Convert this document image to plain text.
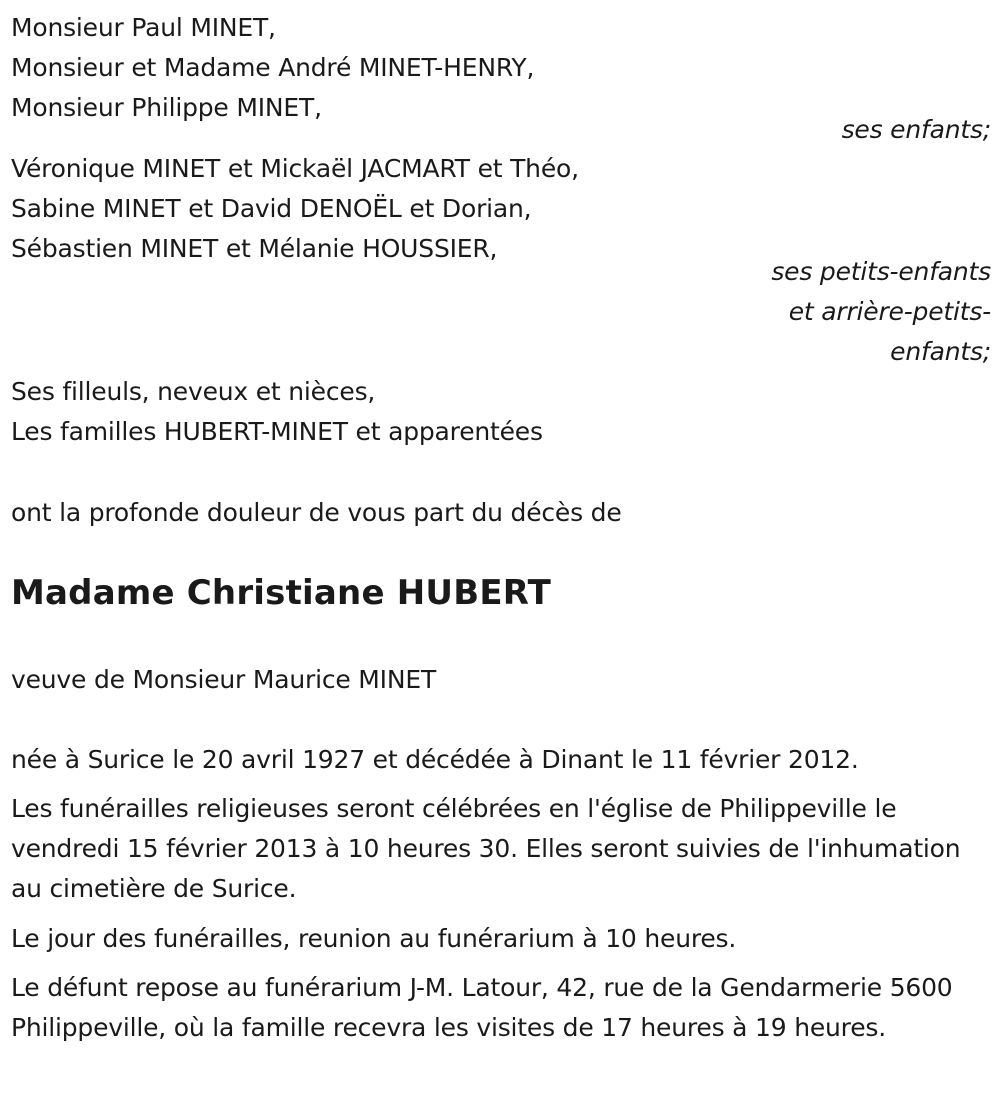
Monsieur Paul MINET,
Monsieur et Madame André MINET-HENRY,
Monsieur Philippe MINET,
ses enfants;
Véronique MINET et Mickaël JACMART et Théo,
Sabine MINET et David DENOËL et Dorian,
Sébastien MINET et Mélanie HOUSSIER,
ses petits-enfants
et arrière-petits-
enfants;
Ses filleuls, neveux et nièces,
Les familles HUBERT-MINET et apparentées
ont la profonde douleur de vous part du décès de
Madame Christiane HUBERT
veuve de Monsieur Maurice MINET
née à Surice le 20 avril 1927 et décédée à Dinant le 11 février 2012.
Les funérailles religieuses seront célébrées en l'église de Philippeville le vendredi 15 février 2013 à 10 heures 30. Elles seront suivies de l'inhumation au cimetière de Surice.
Le jour des funérailles, reunion au funérarium à 10 heures.
Le défunt repose au funérarium J-M. Latour, 42, rue de la Gendarmerie 5600 Philippeville, où la famille recevra les visites de 17 heures à 19 heures.
